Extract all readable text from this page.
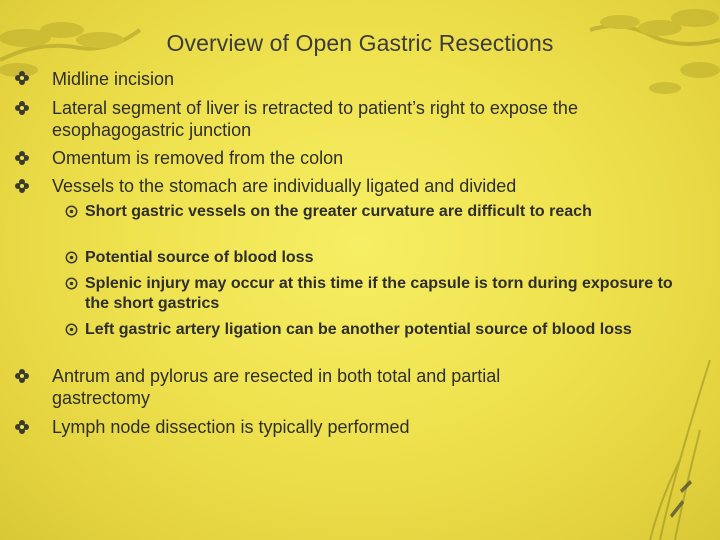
Overview of Open Gastric Resections
Midline incision
Lateral segment of liver is retracted to patient’s right to expose the esophagogastric junction
Omentum is removed from the colon
Vessels to the stomach are individually ligated and divided
Short gastric vessels on the greater curvature are difficult to reach
Potential source of blood loss
Splenic injury may occur at this time if the capsule is torn during exposure to the short gastrics
Left gastric artery ligation can be another potential source of blood loss
Antrum and pylorus are resected in both total and partial gastrectomy
Lymph node dissection is typically performed
